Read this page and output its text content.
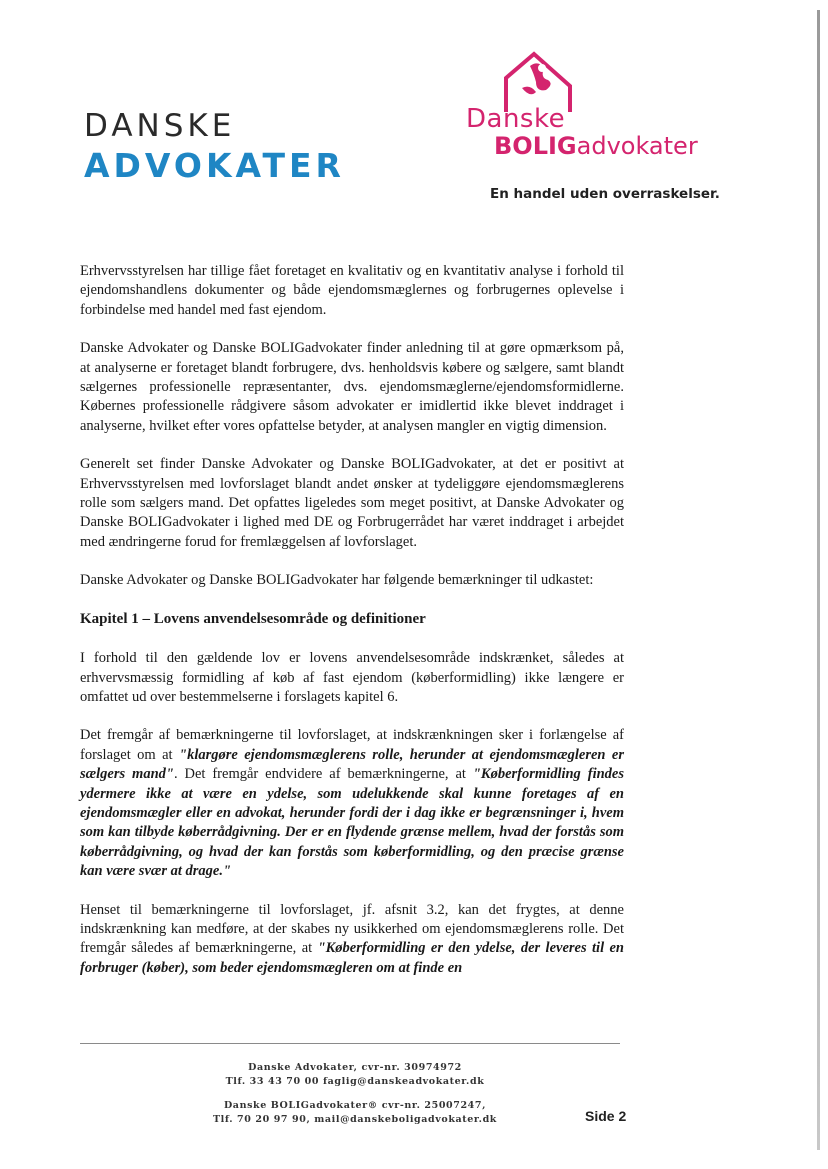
DANSKE
ADVOKATER
Danske
BOLIGadvokater
En handel uden overraskelser.

Erhvervsstyrelsen har tillige fået foretaget en kvalitativ og en kvantitativ analyse i forhold til ejendomshandlens dokumenter og både ejendomsmæglernes og forbrugernes oplevelse i forbindelse med handel med fast ejendom.

Danske Advokater og Danske BOLIGadvokater finder anledning til at gøre opmærksom på, at analyserne er foretaget blandt forbrugere, dvs. henholdsvis købere og sælgere, samt blandt sælgernes professionelle repræsentanter, dvs. ejendomsmæglerne/ejendomsformidlerne. Købernes professionelle rådgivere såsom advokater er imidlertid ikke blevet inddraget i analyserne, hvilket efter vores opfattelse betyder, at analysen mangler en vigtig dimension.

Generelt set finder Danske Advokater og Danske BOLIGadvokater, at det er positivt at Erhvervsstyrelsen med lovforslaget blandt andet ønsker at tydeliggøre ejendomsmæglerens rolle som sælgers mand. Det opfattes ligeledes som meget positivt, at Danske Advokater og Danske BOLIGadvokater i lighed med DE og Forbrugerrådet har været inddraget i arbejdet med ændringerne forud for fremlæggelsen af lovforslaget.

Danske Advokater og Danske BOLIGadvokater har følgende bemærkninger til udkastet:

Kapitel 1 – Lovens anvendelsesområde og definitioner

I forhold til den gældende lov er lovens anvendelsesområde indskrænket, således at erhvervsmæssig formidling af køb af fast ejendom (køberformidling) ikke længere er omfattet ud over bestemmelserne i forslagets kapitel 6.

Det fremgår af bemærkningerne til lovforslaget, at indskrænkningen sker i forlængelse af forslaget om at "klargøre ejendomsmæglerens rolle, herunder at ejendomsmægleren er sælgers mand". Det fremgår endvidere af bemærkningerne, at "Køberformidling findes ydermere ikke at være en ydelse, som udelukkende skal kunne foretages af en ejendomsmægler eller en advokat, herunder fordi der i dag ikke er begrænsninger i, hvem som kan tilbyde køberrådgivning. Der er en flydende grænse mellem, hvad der forstås som køberrådgivning, og hvad der kan forstås som køberformidling, og den præcise grænse kan være svær at drage."

Henset til bemærkningerne til lovforslaget, jf. afsnit 3.2, kan det frygtes, at denne indskrænkning kan medføre, at der skabes ny usikkerhed om ejendomsmæglerens rolle. Det fremgår således af bemærkningerne, at "Køberformidling er den ydelse, der leveres til en forbruger (køber), som beder ejendomsmægleren om at finde en

Danske Advokater, cvr-nr. 30974972
Tlf. 33 43 70 00 faglig@danskeadvokater.dk
Danske BOLIGadvokater® cvr-nr. 25007247,
Tlf. 70 20 97 90, mail@danskeboligadvokater.dk	Side 2
